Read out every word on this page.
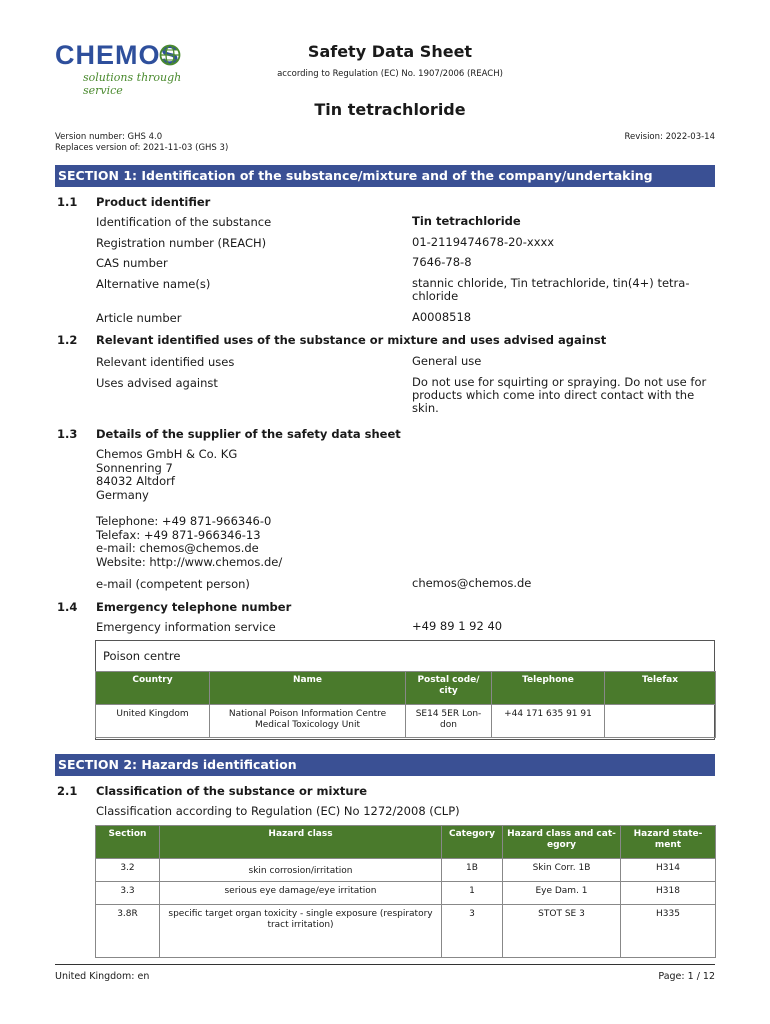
CHEMOS
solutions through service
Safety Data Sheet
according to Regulation (EC) No. 1907/2006 (REACH)
Tin tetrachloride
Version number: GHS 4.0
Replaces version of: 2021-11-03 (GHS 3)
Revision: 2022-03-14
SECTION 1: Identification of the substance/mixture and of the company/undertaking
1.1 Product identifier
Identification of the substance	Tin tetrachloride
Registration number (REACH)	01-2119474678-20-xxxx
CAS number	7646-78-8
Alternative name(s)	stannic chloride, Tin tetrachloride, tin(4+) tetra-chloride
Article number	A0008518
1.2 Relevant identified uses of the substance or mixture and uses advised against
Relevant identified uses	General use
Uses advised against	Do not use for squirting or spraying. Do not use for products which come into direct contact with the skin.
1.3 Details of the supplier of the safety data sheet
Chemos GmbH & Co. KG
Sonnenring 7
84032 Altdorf
Germany
Telephone: +49 871-966346-0
Telefax: +49 871-966346-13
e-mail: chemos@chemos.de
Website: http://www.chemos.de/
e-mail (competent person)	chemos@chemos.de
1.4 Emergency telephone number
Emergency information service	+49 89 1 92 40
Poison centre
Country	Name	Postal code/ city	Telephone	Telefax
United Kingdom	National Poison Information Centre Medical Toxicology Unit	SE14 5ER Lon-don	+44 171 635 91 91	
SECTION 2: Hazards identification
2.1 Classification of the substance or mixture
Classification according to Regulation (EC) No 1272/2008 (CLP)
Section	Hazard class	Category	Hazard class and cat-egory	Hazard state-ment
3.2	skin corrosion/irritation	1B	Skin Corr. 1B	H314
3.3	serious eye damage/eye irritation	1	Eye Dam. 1	H318
3.8R	specific target organ toxicity - single exposure (respiratory tract irritation)	3	STOT SE 3	H335
United Kingdom: en	Page: 1 / 12
